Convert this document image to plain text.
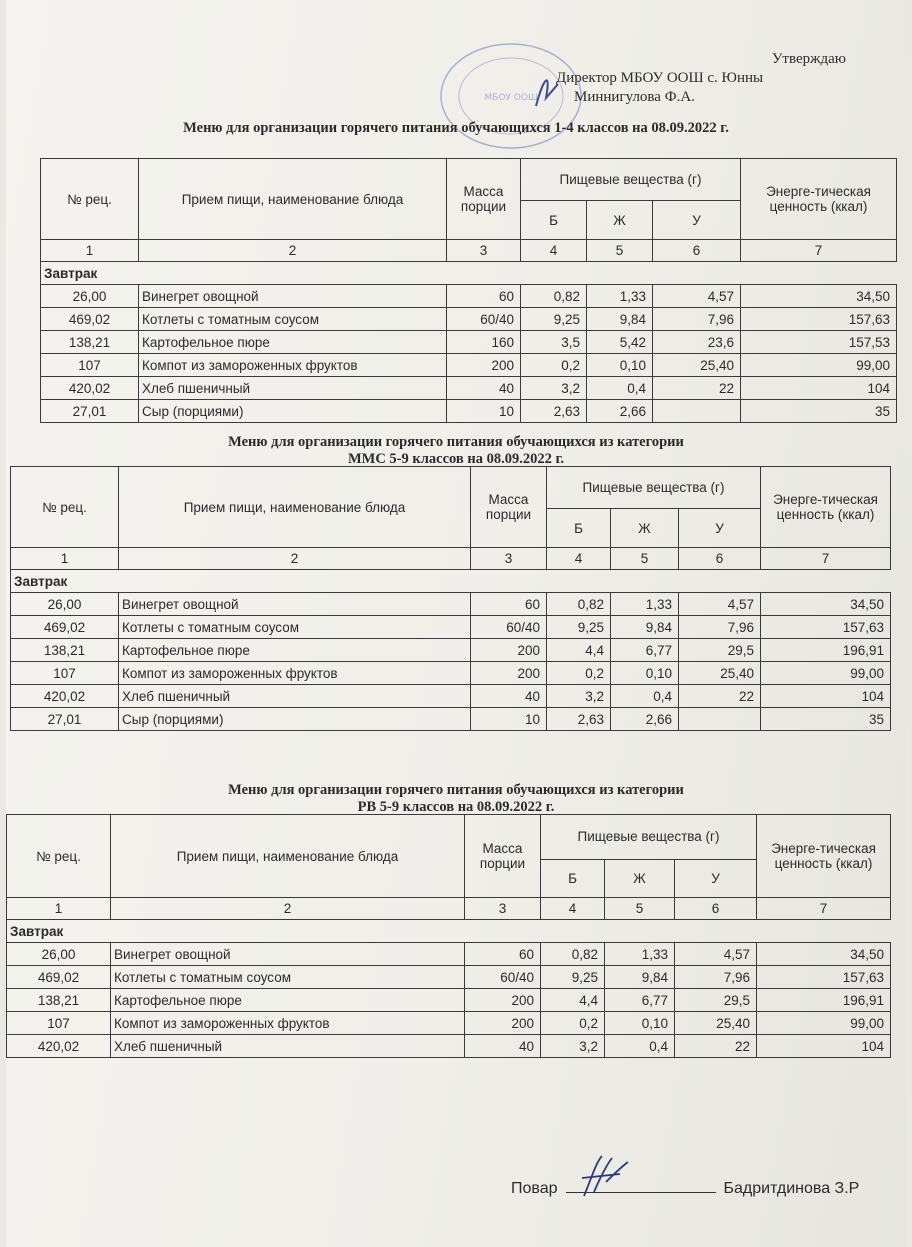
МБОУ ООШ
Утверждаю
Директор МБОУ ООШ с. Юнны
Миннигулова Ф.А.
Меню для организации горячего питания обучающихся 1-4 классов на 08.09.2022 г.
№ рец.	Прием пищи, наименование блюда	Масса порции	Пищевые вещества (г)			Энерге-тическая ценность (ккал)
			Б	Ж	У	
1	2	3	4	5	6	7
Завтрак						
26,00	Винегрет овощной	60	0,82	1,33	4,57	34,50
469,02	Котлеты с томатным соусом	60/40	9,25	9,84	7,96	157,63
138,21	Картофельное пюре	160	3,5	5,42	23,6	157,53
107	Компот из замороженных фруктов	200	0,2	0,10	25,40	99,00
420,02	Хлеб пшеничный	40	3,2	0,4	22	104
27,01	Сыр (порциями)	10	2,63	2,66		35
Меню для организации горячего питания обучающихся из категории
ММС 5-9 классов на 08.09.2022 г.
№ рец.	Прием пищи, наименование блюда	Масса порции	Пищевые вещества (г)			Энерге-тическая ценность (ккал)
			Б	Ж	У	
1	2	3	4	5	6	7
Завтрак						
26,00	Винегрет овощной	60	0,82	1,33	4,57	34,50
469,02	Котлеты с томатным соусом	60/40	9,25	9,84	7,96	157,63
138,21	Картофельное пюре	200	4,4	6,77	29,5	196,91
107	Компот из замороженных фруктов	200	0,2	0,10	25,40	99,00
420,02	Хлеб пшеничный	40	3,2	0,4	22	104
27,01	Сыр (порциями)	10	2,63	2,66		35
Меню для организации горячего питания обучающихся из категории
РВ 5-9 классов на 08.09.2022 г.
№ рец.	Прием пищи, наименование блюда	Масса порции	Пищевые вещества (г)			Энерге-тическая ценность (ккал)
			Б	Ж	У	
1	2	3	4	5	6	7
Завтрак						
26,00	Винегрет овощной	60	0,82	1,33	4,57	34,50
469,02	Котлеты с томатным соусом	60/40	9,25	9,84	7,96	157,63
138,21	Картофельное пюре	200	4,4	6,77	29,5	196,91
107	Компот из замороженных фруктов	200	0,2	0,10	25,40	99,00
420,02	Хлеб пшеничный	40	3,2	0,4	22	104
Повар	Бадритдинова З.Р
